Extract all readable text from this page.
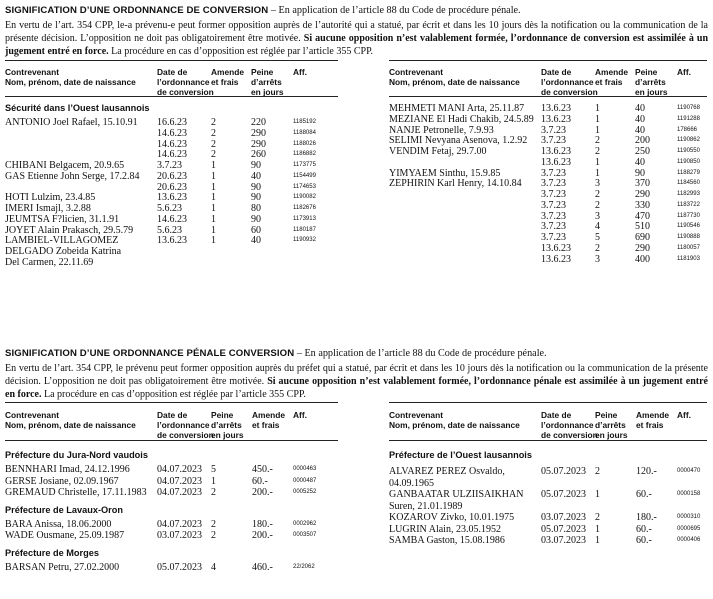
SIGNIFICATION D’UNE ORDONNANCE DE CONVERSION – En application de l’article 88 du Code de procédure pénale.
En vertu de l’art. 354 CPP, le-a prévenu-e peut former opposition auprès de l’autorité qui a statué, par écrit et dans les 10 jours dès la notification ou la communication de la présente décision. L’opposition ne doit pas obligatoirement être motivée. Si aucune opposition n’est valablement formée, l’ordonnance de conversion est assimilée à un jugement entré en force. La procédure en cas d’opposition est réglée par l’article 355 CPP.
Contrevenant
Nom, prénom, date de naissance
Date de
l’ordonnance
de conversion
Amende
et frais
Peine
d’arrêts
en jours
Aff.
Sécurité dans l’Ouest lausannois
ANTONIO Joel Rafael, 15.10.91 16.6.23 2	220	1185192
14.6.23 2	290	1188084
14.6.23 2	290	1188026
14.6.23 2	260	1186882
CHIBANI Belgacem, 20.9.65	3.7.23	1	90	1173775
GAS Etienne John Serge, 17.2.84 20.6.23 1	40	1154499
20.6.23 1	90	1174653
HOTI Lulzim, 23.4.85	13.6.23 1	90	1190082
IMERI Ismajl, 3.2.88	5.6.23	1	80	1182676
JEUMTSA F?licien, 31.1.91	14.6.23 1	90	1173913
JOYET Alain Prakasch, 29.5.79 5.6.23	1	60	1180187
LAMBIEL-VILLAGOMEZ	13.6.23 1	40	1190932
DELGADO Zobeida Katrina
Del Carmen, 22.11.69
Contrevenant
Nom, prénom, date de naissance
Date de
l’ordonnance
de conversion
Amende
et frais
Peine
d’arrêts
en jours
Aff.
MEHMETI MANI Arta, 25.11.87 13.6.23 1	40	1190768
MEZIANE El Hadi Chakib, 24.5.89 13.6.23 1	40	1191288
NANJE Petronelle, 7.9.93	3.7.23	1	40	178666
SELIMI Nevyana Asenova, 1.2.92 3.7.23	2	200	1190862
VENDIM Fetaj, 29.7.00	13.6.23 2	250	1190550
13.6.23 1	40	1190850
YIMYAEM Sinthu, 15.9.85	3.7.23	1	90	1188279
ZEPHIRIN Karl Henry, 14.10.84 3.7.23	3	370	1184560
3.7.23	2	290	1182993
3.7.23	2	330	1183722
3.7.23	3	470	1187730
3.7.23	4	510	1190546
3.7.23	5	690	1190888
13.6.23 2	290	1180057
13.6.23 3	400	1181903
SIGNIFICATION D’UNE ORDONNANCE PÉNALE CONVERSION – En application de l’article 88 du Code de procédure pénale.
En vertu de l’art. 354 CPP, le prévenu peut former opposition auprès du préfet qui a statué, par écrit et dans les 10 jours dès la notification ou la communication de la présente décision. L’opposition ne doit pas obligatoirement être motivée. Si aucune opposition n’est valablement formée, l’ordonnance pénale est assimilée à un jugement entré en force. La procédure en cas d’opposition est réglée par l’article 355 CPP.
Contrevenant
Nom, prénom, date de naissance
Date de
l’ordonnance
de conversion
Peine
d’arrêts
en jours
Amende
et frais
Aff.
Préfecture du Jura-Nord vaudois
BENNHARI Imad, 24.12.1996	04.07.2023 5	450.-	0000463
GERSE Josiane, 02.09.1967	04.07.2023 1	60.-	0000487
GREMAUD Christelle, 17.11.1983 04.07.2023 2	200.-	0005252
Préfecture de Lavaux-Oron
BARA Anissa, 18.06.2000	04.07.2023 2	180.-	0002962
WADE Ousmane, 25.09.1987	03.07.2023 2	200.-	0003507
Préfecture de Morges
BARSAN Petru, 27.02.2000	05.07.2023 4	460.-	22/2062
Contrevenant
Nom, prénom, date de naissance
Date de
l’ordonnance
de conversion
Peine
d’arrêts
en jours
Amende
et frais
Aff.
Préfecture de l’Ouest lausannois
ALVAREZ PEREZ Osvaldo,	05.07.2023 2	120.-	0000470
04.09.1965
GANBAATAR ULZIISAIKHAN 05.07.2023 1	60.-	0000158
Suren, 21.01.1989
KOZAROV Zivko, 10.01.1975	03.07.2023 2	180.-	0000310
LUGRIN Alain, 23.05.1952	05.07.2023 1	60.-	0000695
SAMBA Gaston, 15.08.1986	03.07.2023 1	60.-	0000406
